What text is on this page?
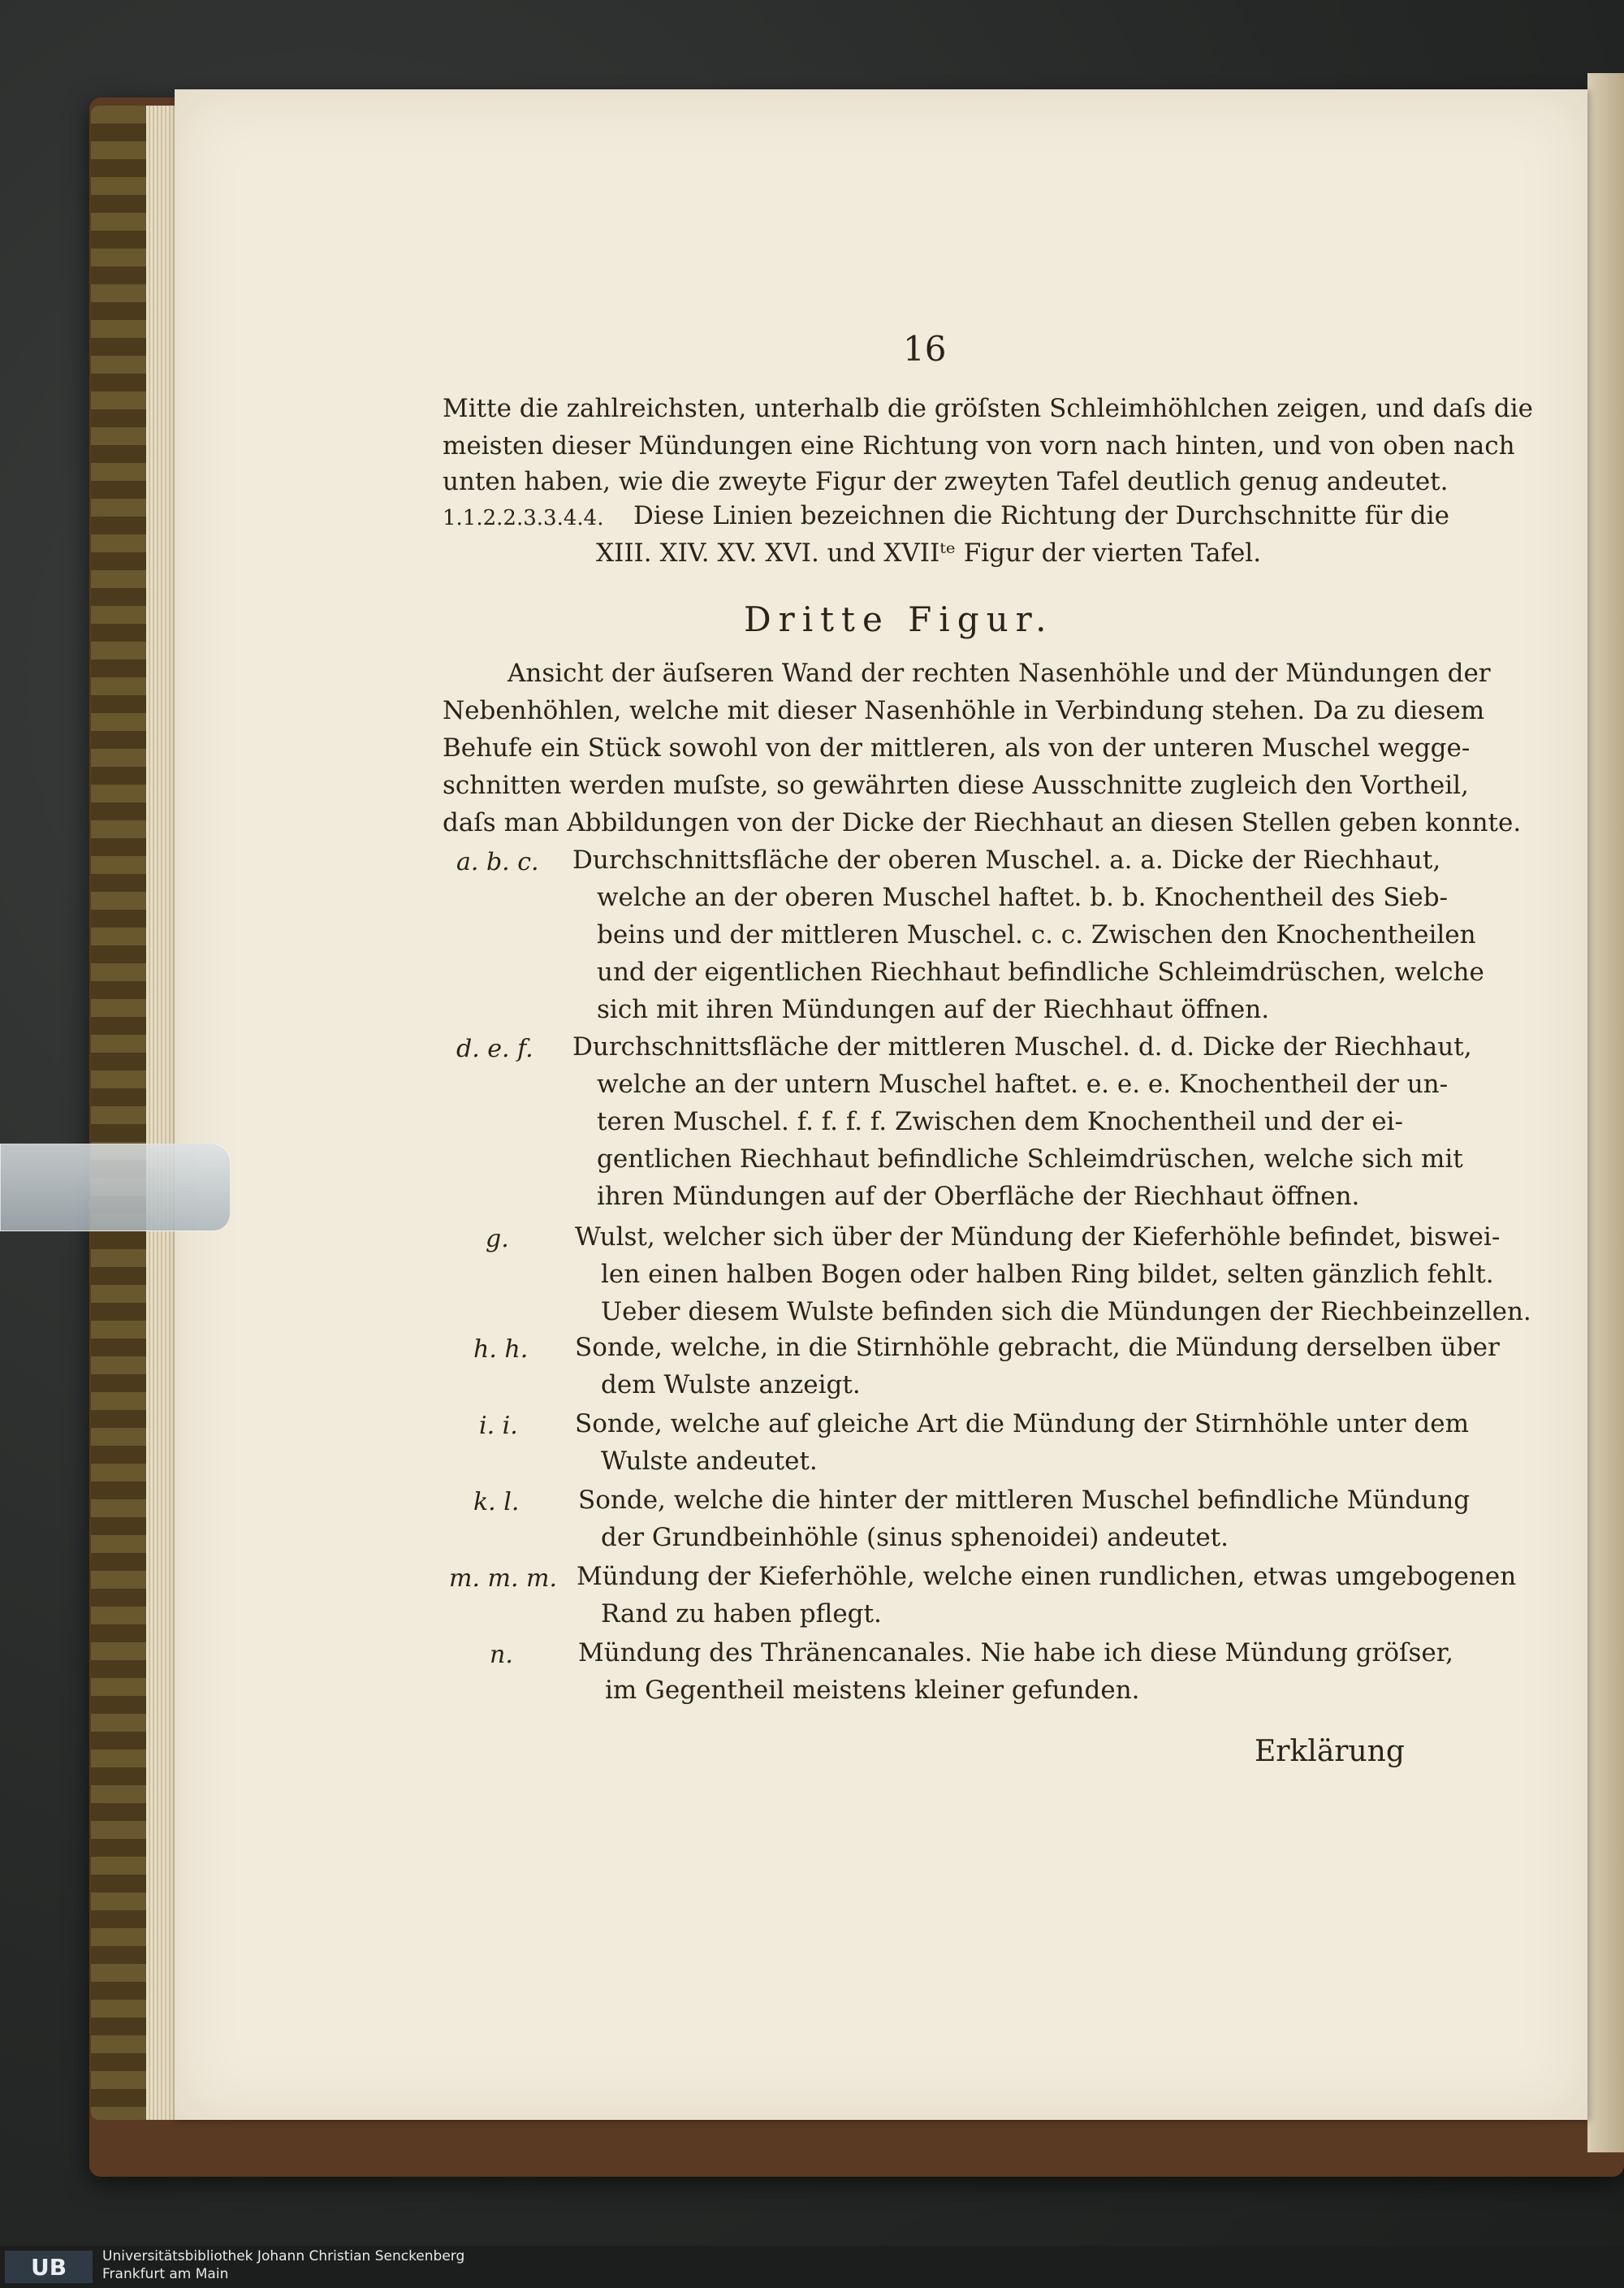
16
Mitte die zahlreichsten, unterhalb die gröſsten Schleimhöhlchen zeigen, und daſs die
meisten dieser Mündungen eine Richtung von vorn nach hinten, und von oben nach
unten haben, wie die zweyte Figur der zweyten Tafel deutlich genug andeutet.
1.1.2.2.3.3.4.4. Diese Linien bezeichnen die Richtung der Durchschnitte für die
XIII. XIV. XV. XVI. und XVIIᵗᵉ Figur der vierten Tafel.
Dritte Figur.
Ansicht der äuſseren Wand der rechten Nasenhöhle und der Mündungen der
Nebenhöhlen, welche mit dieser Nasenhöhle in Verbindung stehen. Da zu diesem
Behufe ein Stück sowohl von der mittleren, als von der unteren Muschel wegge-
schnitten werden muſste, so gewährten diese Ausschnitte zugleich den Vortheil,
daſs man Abbildungen von der Dicke der Riechhaut an diesen Stellen geben konnte.
a. b. c. Durchschnittsfläche der oberen Muschel. a. a. Dicke der Riechhaut,
welche an der oberen Muschel haftet. b. b. Knochentheil des Sieb-
beins und der mittleren Muschel. c. c. Zwischen den Knochentheilen
und der eigentlichen Riechhaut befindliche Schleimdrüschen, welche
sich mit ihren Mündungen auf der Riechhaut öffnen.
d. e. f. Durchschnittsfläche der mittleren Muschel. d. d. Dicke der Riechhaut,
welche an der untern Muschel haftet. e. e. e. Knochentheil der un-
teren Muschel. f. f. f. f. Zwischen dem Knochentheil und der ei-
gentlichen Riechhaut befindliche Schleimdrüschen, welche sich mit
ihren Mündungen auf der Oberfläche der Riechhaut öffnen.
g.	Wulst, welcher sich über der Mündung der Kieferhöhle befindet, biswei-
len einen halben Bogen oder halben Ring bildet, selten gänzlich fehlt.
Ueber diesem Wulste befinden sich die Mündungen der Riechbeinzellen.
h. h. Sonde, welche, in die Stirnhöhle gebracht, die Mündung derselben über
dem Wulste anzeigt.
i. i. Sonde, welche auf gleiche Art die Mündung der Stirnhöhle unter dem
Wulste andeutet.
k. l. Sonde, welche die hinter der mittleren Muschel befindliche Mündung
der Grundbeinhöhle (sinus sphenoidei) andeutet.
m. m. m. Mündung der Kieferhöhle, welche einen rundlichen, etwas umgebogenen
Rand zu haben pflegt.
n.	Mündung des Thränencanales. Nie habe ich diese Mündung gröſser,
im Gegentheil meistens kleiner gefunden.
Erklärung
UB	Universitätsbibliothek Johann Christian Senckenberg
Frankfurt am Main
